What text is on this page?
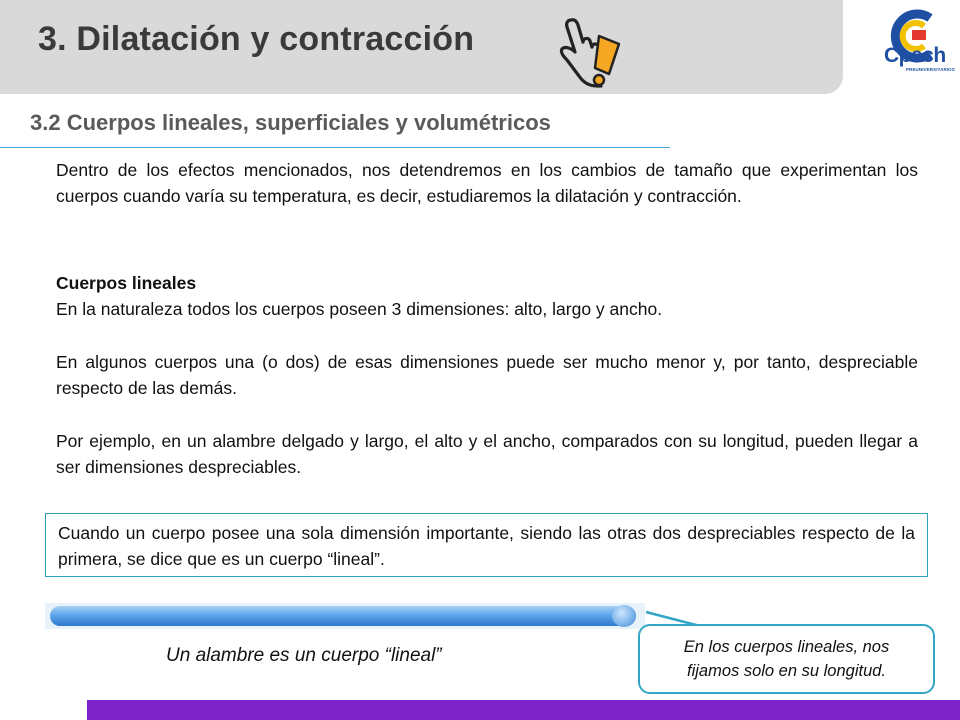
3. Dilatación y contracción	Cpech
PREUNIVERSITARIOS
3.2 Cuerpos lineales, superficiales y volumétricos
Dentro de los efectos mencionados, nos detendremos en los cambios de tamaño que experimentan los cuerpos cuando varía su temperatura, es decir, estudiaremos la dilatación y contracción.
Cuerpos lineales
En la naturaleza todos los cuerpos poseen 3 dimensiones: alto, largo y ancho.
En algunos cuerpos una (o dos) de esas dimensiones puede ser mucho menor y, por tanto, despreciable respecto de las demás.
Por ejemplo, en un alambre delgado y largo, el alto y el ancho, comparados con su longitud, pueden llegar a ser dimensiones despreciables.
Cuando un cuerpo posee una sola dimensión importante, siendo las otras dos despreciables respecto de la primera, se dice que es un cuerpo “lineal”.
Un alambre es un cuerpo “lineal”	En los cuerpos lineales, nos
fijamos solo en su longitud.
